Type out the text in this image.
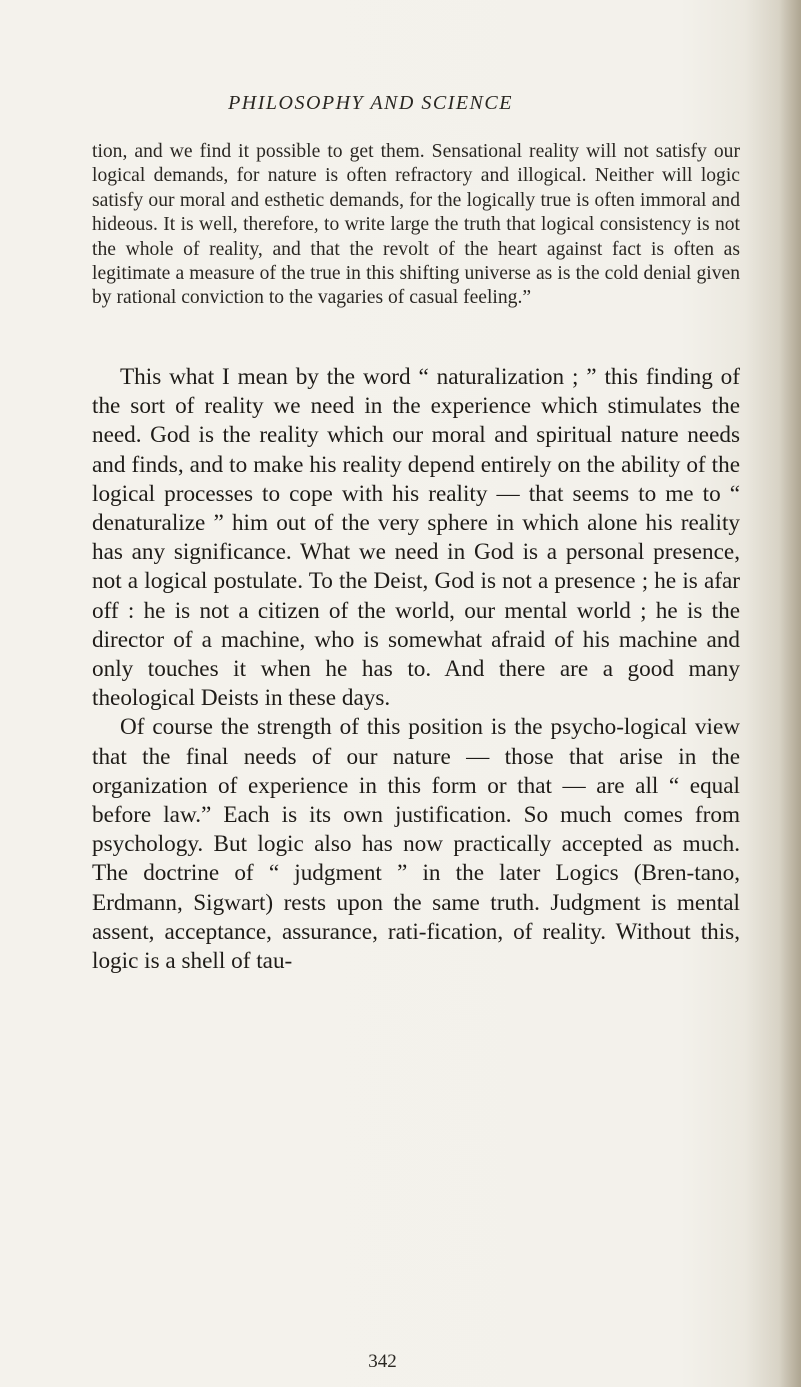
PHILOSOPHY AND SCIENCE

tion, and we find it possible to get them. Sensational reality will not satisfy our logical demands, for nature is often refractory and illogical. Neither will logic satisfy our moral and esthetic demands, for the logically true is often immoral and hideous. It is well, therefore, to write large the truth that logical consistency is not the whole of reality, and that the revolt of the heart against fact is often as legitimate a measure of the true in this shifting universe as is the cold denial given by rational conviction to the vagaries of casual feeling.”

This what I mean by the word “ naturalization ; ” this finding of the sort of reality we need in the experience which stimulates the need. God is the reality which our moral and spiritual nature needs and finds, and to make his reality depend entirely on the ability of the logical processes to cope with his reality — that seems to me to “ denaturalize ” him out of the very sphere in which alone his reality has any significance. What we need in God is a personal presence, not a logical postulate. To the Deist, God is not a presence ; he is afar off : he is not a citizen of the world, our mental world ; he is the director of a machine, who is somewhat afraid of his machine and only touches it when he has to. And there are a good many theological Deists in these days.

Of course the strength of this position is the psycho-logical view that the final needs of our nature — those that arise in the organization of experience in this form or that — are all “ equal before law.” Each is its own justification. So much comes from psychology. But logic also has now practically accepted as much. The doctrine of “ judgment ” in the later Logics (Bren-tano, Erdmann, Sigwart) rests upon the same truth. Judgment is mental assent, acceptance, assurance, rati-fication, of reality. Without this, logic is a shell of tau-

342
